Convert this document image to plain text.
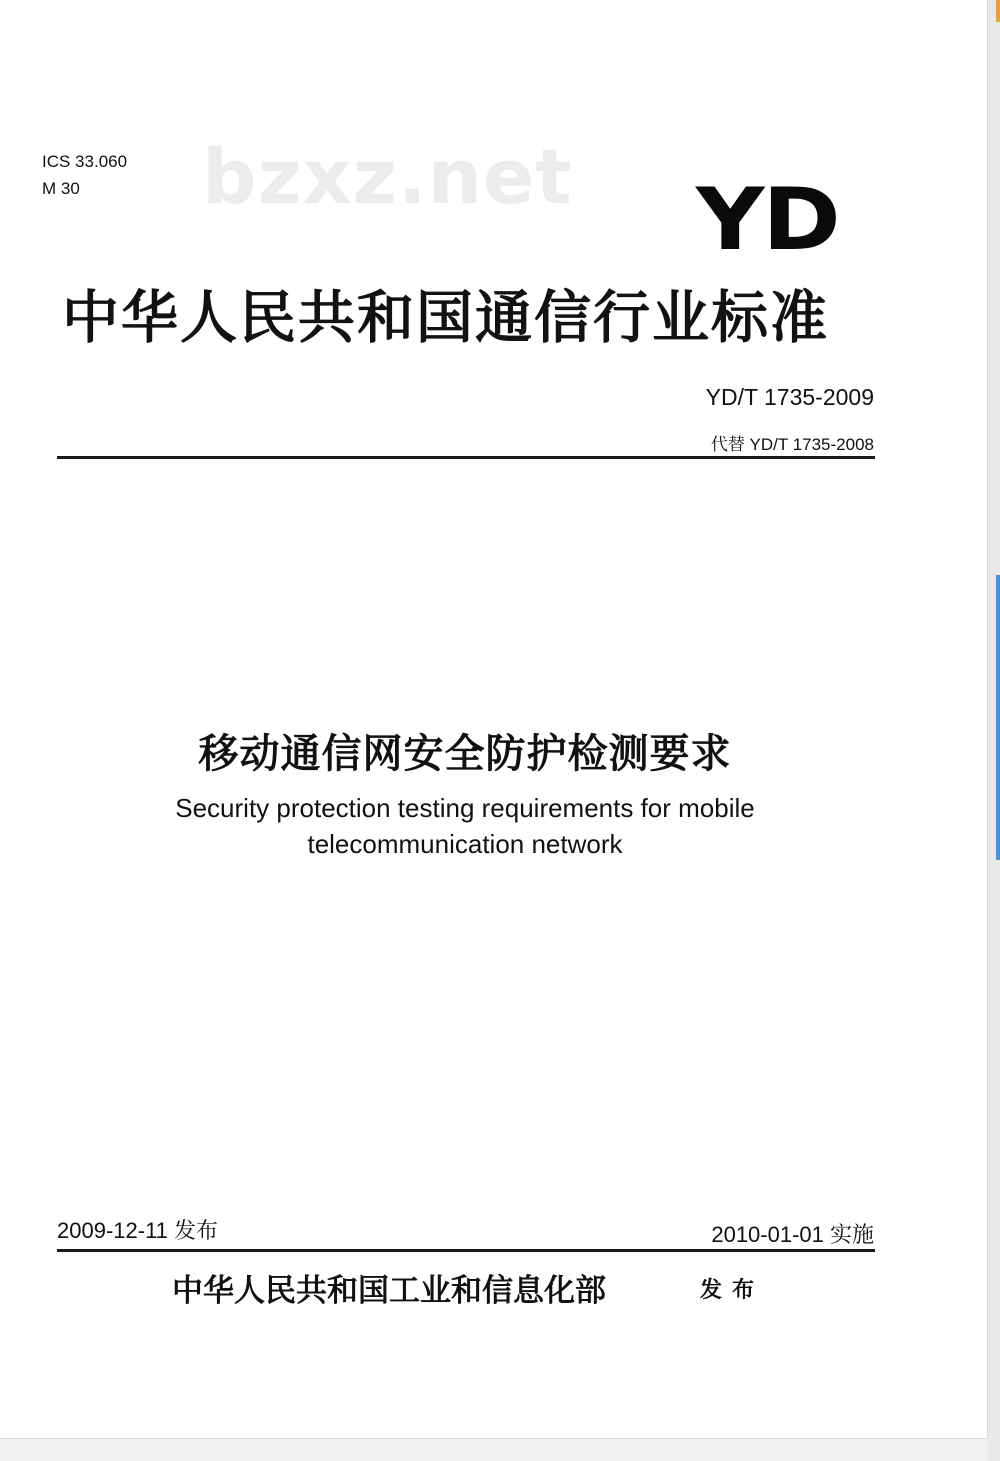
ICS 33.060
M 30	bzxz.net YD
中华人民共和国通信行业标准
YD/T 1735-2009
代替 YD/T 1735-2008
移动通信网安全防护检测要求
Security protection testing requirements for mobile
telecommunication network
2009-12-11 发布	2010-01-01 实施
中华人民共和国工业和信息化部	发布
